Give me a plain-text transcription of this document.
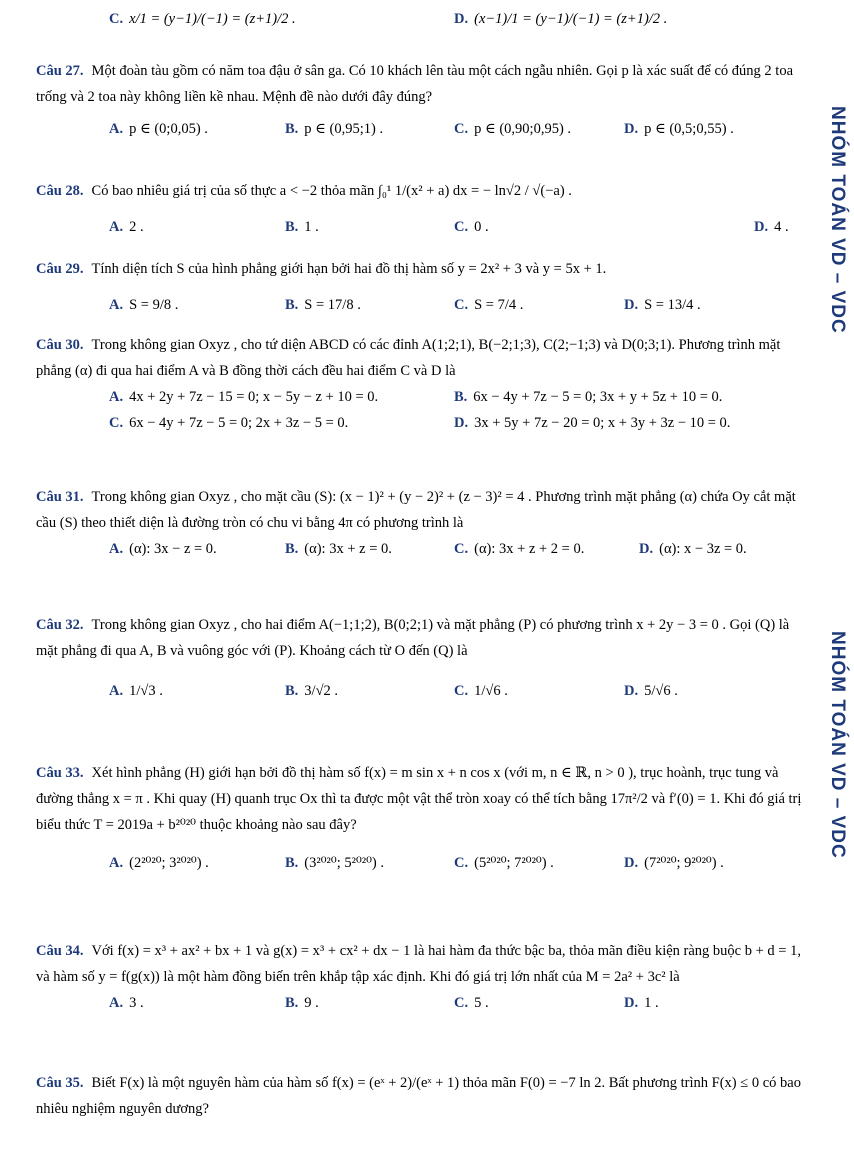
NHÓM TOÁN VD – VDC
NHÓM TOÁN VD – VDC
C. x/1 = (y−1)/(−1) = (z+1)/2 .	D. (x−1)/1 = (y−1)/(−1) = (z+1)/2 .
Câu 27. Một đoàn tàu gồm có năm toa đậu ở sân ga. Có 10 khách lên tàu một cách ngẫu nhiên. Gọi p là xác suất để có đúng 2 toa trống và 2 toa này không liền kề nhau. Mệnh đề nào dưới đây đúng?
A. p ∈ (0;0,05) .	B. p ∈ (0,95;1) .	C. p ∈ (0,90;0,95) .	D. p ∈ (0,5;0,55) .
Câu 28. Có bao nhiêu giá trị của số thực a < −2 thỏa mãn ∫₀¹ 1/(x² + a) dx = − ln√2 / √(−a) .
A. 2 .	B. 1 .	C. 0 .	D. 4 .
Câu 29. Tính diện tích S của hình phẳng giới hạn bởi hai đồ thị hàm số y = 2x² + 3 và y = 5x + 1.
A. S = 9/8 .	B. S = 17/8 .	C. S = 7/4 .	D. S = 13/4 .
Câu 30. Trong không gian Oxyz , cho tứ diện ABCD có các đỉnh A(1;2;1), B(−2;1;3), C(2;−1;3) và D(0;3;1). Phương trình mặt phẳng (α) đi qua hai điểm A và B đồng thời cách đều hai điểm C và D là
A. 4x + 2y + 7z − 15 = 0; x − 5y − z + 10 = 0.	B. 6x − 4y + 7z − 5 = 0; 3x + y + 5z + 10 = 0.
C. 6x − 4y + 7z − 5 = 0; 2x + 3z − 5 = 0.	D. 3x + 5y + 7z − 20 = 0; x + 3y + 3z − 10 = 0.
Câu 31. Trong không gian Oxyz , cho mặt cầu (S): (x − 1)² + (y − 2)² + (z − 3)² = 4 . Phương trình mặt phẳng (α) chứa Oy cắt mặt cầu (S) theo thiết diện là đường tròn có chu vi bằng 4π có phương trình là
A. (α): 3x − z = 0.	B. (α): 3x + z = 0.	C. (α): 3x + z + 2 = 0.	D. (α): x − 3z = 0.
Câu 32. Trong không gian Oxyz , cho hai điểm A(−1;1;2), B(0;2;1) và mặt phẳng (P) có phương trình x + 2y − 3 = 0 . Gọi (Q) là mặt phẳng đi qua A, B và vuông góc với (P). Khoảng cách từ O đến (Q) là
A. 1/√3 .	B. 3/√2 .	C. 1/√6 .	D. 5/√6 .
Câu 33. Xét hình phẳng (H) giới hạn bởi đồ thị hàm số f(x) = m sin x + n cos x (với m, n ∈ ℝ, n > 0 ), trục hoành, trục tung và đường thẳng x = π . Khi quay (H) quanh trục Ox thì ta được một vật thể tròn xoay có thể tích bằng 17π²/2 và f′(0) = 1. Khi đó giá trị biểu thức T = 2019a + b²⁰²⁰ thuộc khoảng nào sau đây?
A. (2²⁰²⁰; 3²⁰²⁰) .	B. (3²⁰²⁰; 5²⁰²⁰) .	C. (5²⁰²⁰; 7²⁰²⁰) .	D. (7²⁰²⁰; 9²⁰²⁰) .
Câu 34. Với f(x) = x³ + ax² + bx + 1 và g(x) = x³ + cx² + dx − 1 là hai hàm đa thức bậc ba, thỏa mãn điều kiện ràng buộc b + d = 1, và hàm số y = f(g(x)) là một hàm đồng biến trên khắp tập xác định. Khi đó giá trị lớn nhất của M = 2a² + 3c² là
A. 3 .	B. 9 .	C. 5 .	D. 1 .
Câu 35. Biết F(x) là một nguyên hàm của hàm số f(x) = (eˣ + 2)/(eˣ + 1) thỏa mãn F(0) = −7 ln 2. Bất phương trình F(x) ≤ 0 có bao nhiêu nghiệm nguyên dương?
